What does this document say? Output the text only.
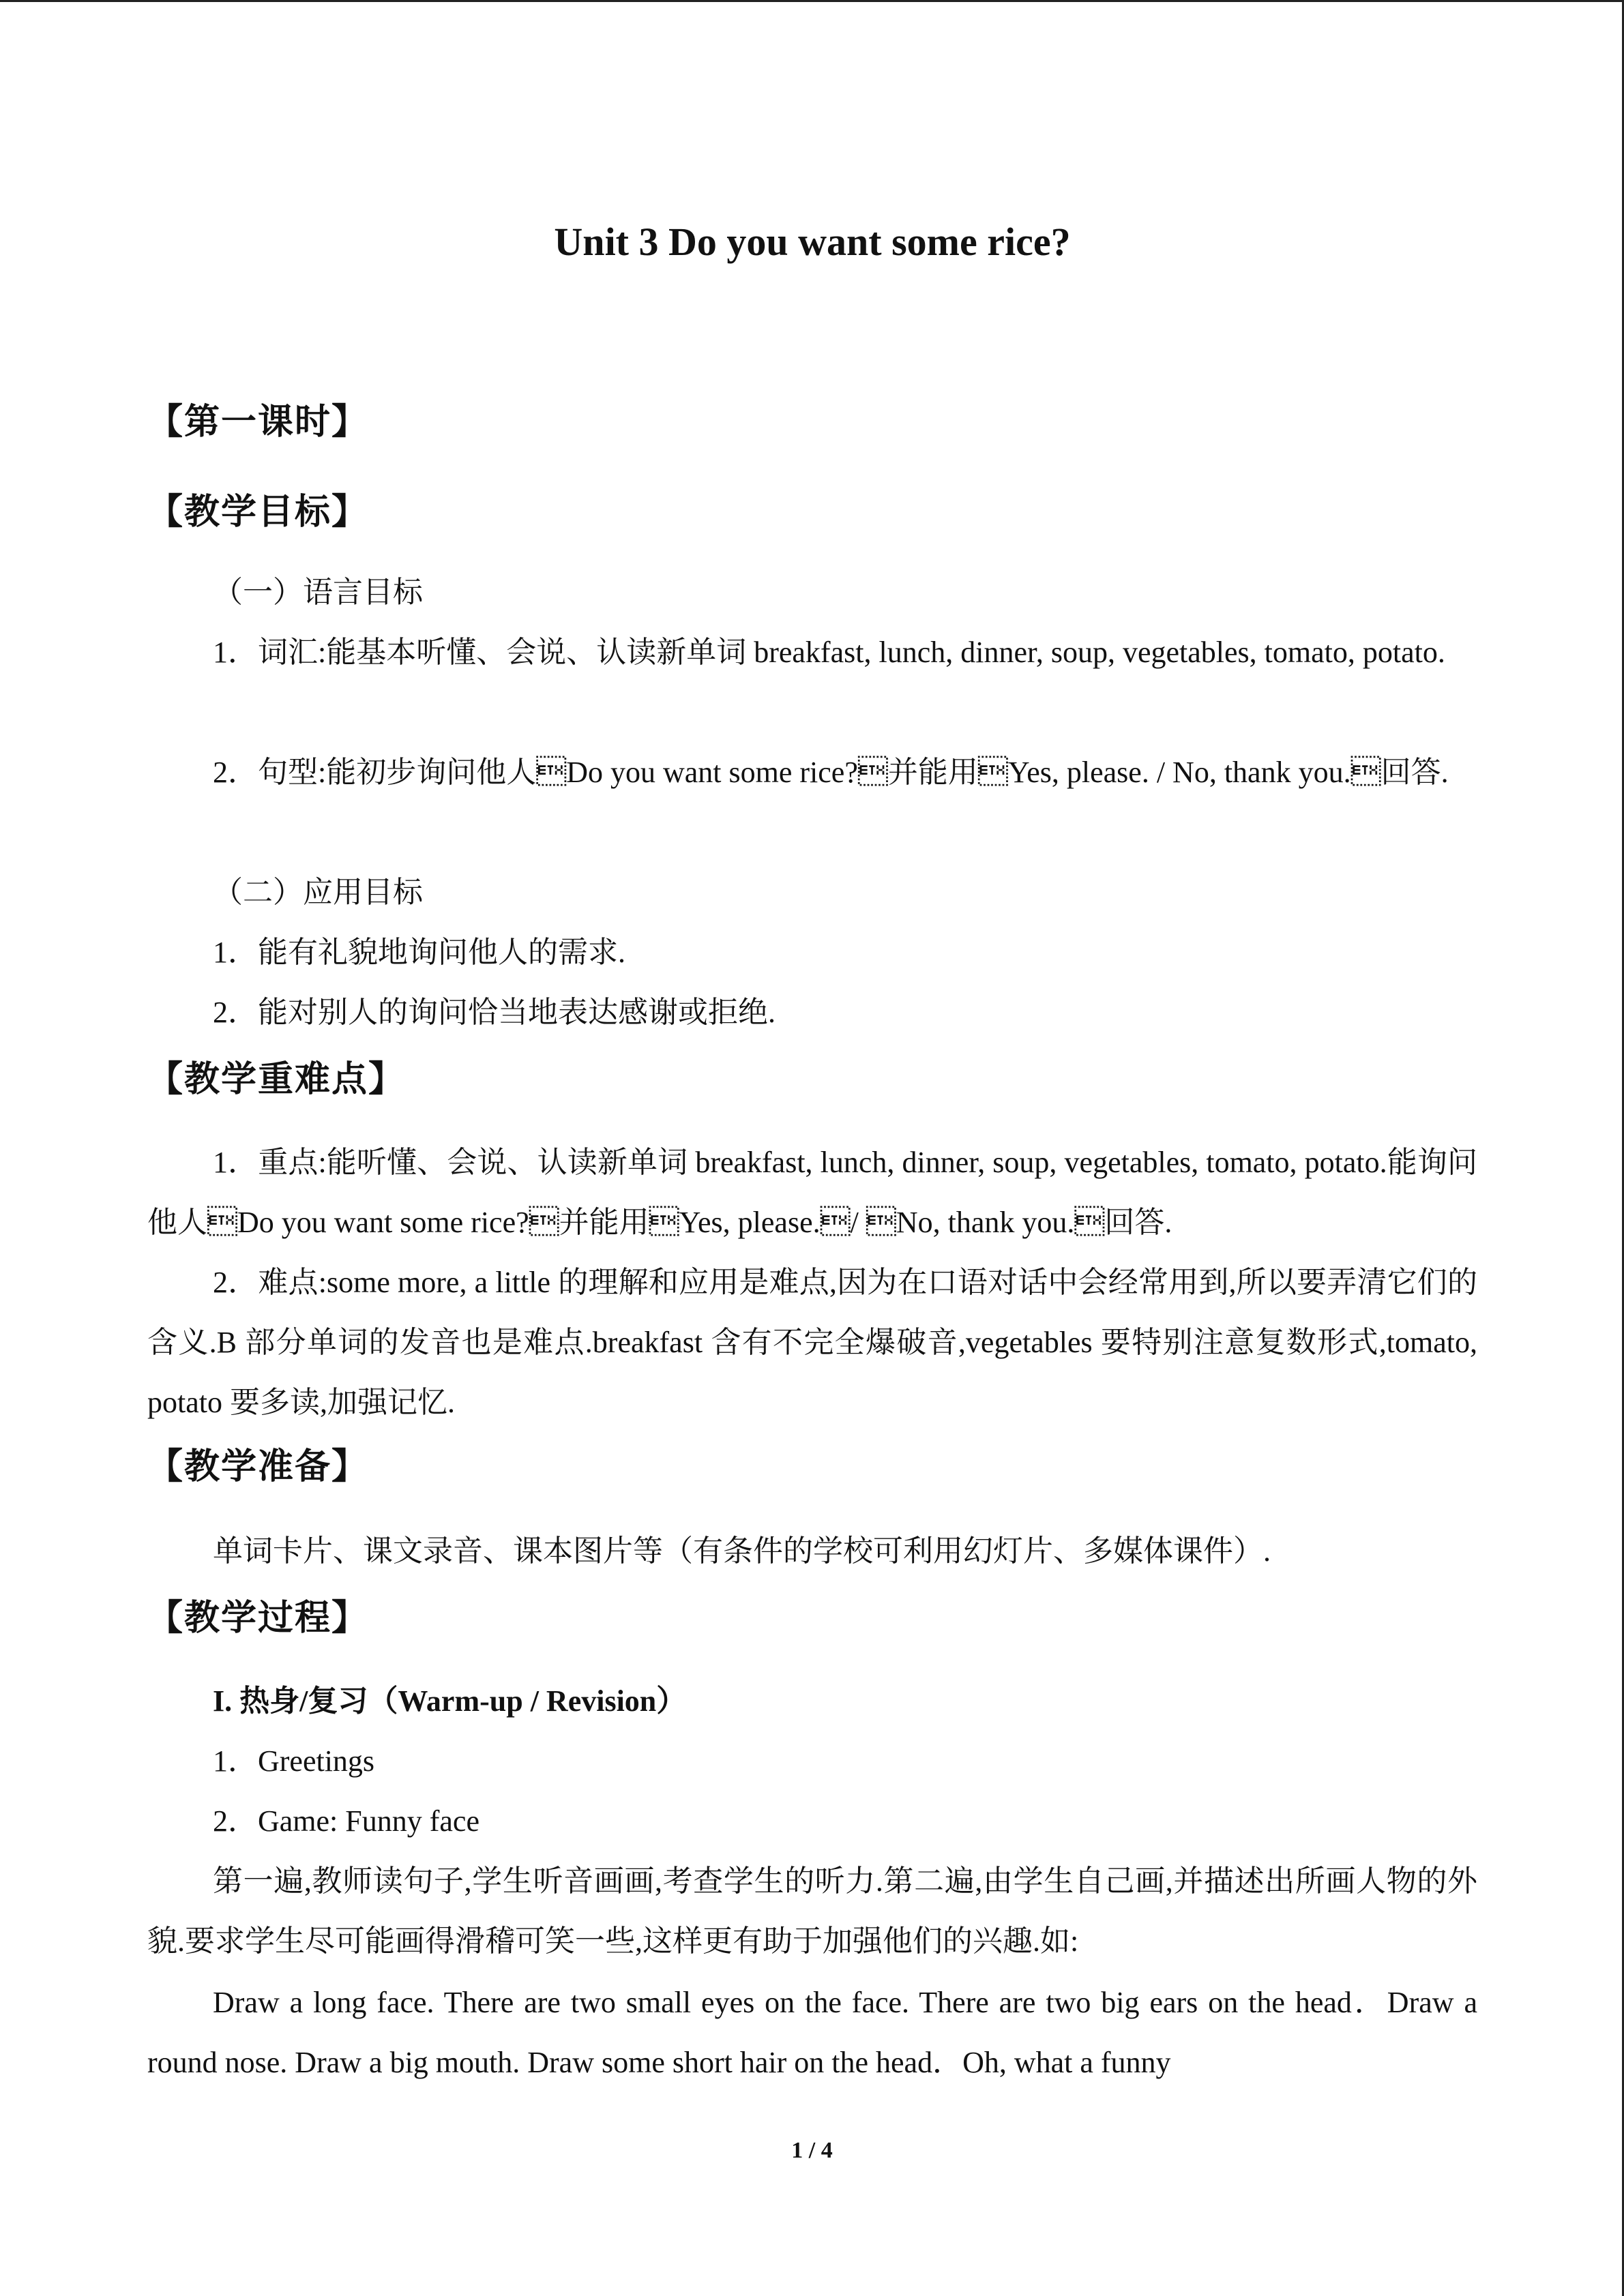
Unit 3 Do you want some rice?
【第一课时】
【教学目标】

（一）语言目标

1．词汇:能基本听懂、会说、认读新单词 breakfast, lunch, dinner, soup, vegetables, tomato, potato.

2．句型:能初步询问他人Do you want some rice?并能用Yes, please. / No, thank you.回答.

（二）应用目标

1．能有礼貌地询问他人的需求.

2．能对别人的询问恰当地表达感谢或拒绝.

【教学重难点】

1．重点:能听懂、会说、认读新单词 breakfast, lunch, dinner, soup, vegetables, tomato, potato.能询问他人Do you want some rice?并能用Yes, please./ No, thank you.回答.

2．难点:some more, a little 的理解和应用是难点,因为在口语对话中会经常用到,所以要弄清它们的含义.B 部分单词的发音也是难点.breakfast 含有不完全爆破音,vegetables 要特别注意复数形式,tomato, potato 要多读,加强记忆.

【教学准备】

单词卡片、课文录音、课本图片等（有条件的学校可利用幻灯片、多媒体课件）.

【教学过程】

I. 热身/复习（Warm-up / Revision）

1．Greetings

2．Game: Funny face

第一遍,教师读句子,学生听音画画,考查学生的听力.第二遍,由学生自己画,并描述出所画人物的外貌.要求学生尽可能画得滑稽可笑一些,这样更有助于加强他们的兴趣.如:

Draw a long face. There are two small eyes on the face. There are two big ears on the head．Draw a round nose. Draw a big mouth. Draw some short hair on the head．Oh, what a funny

1 / 4
